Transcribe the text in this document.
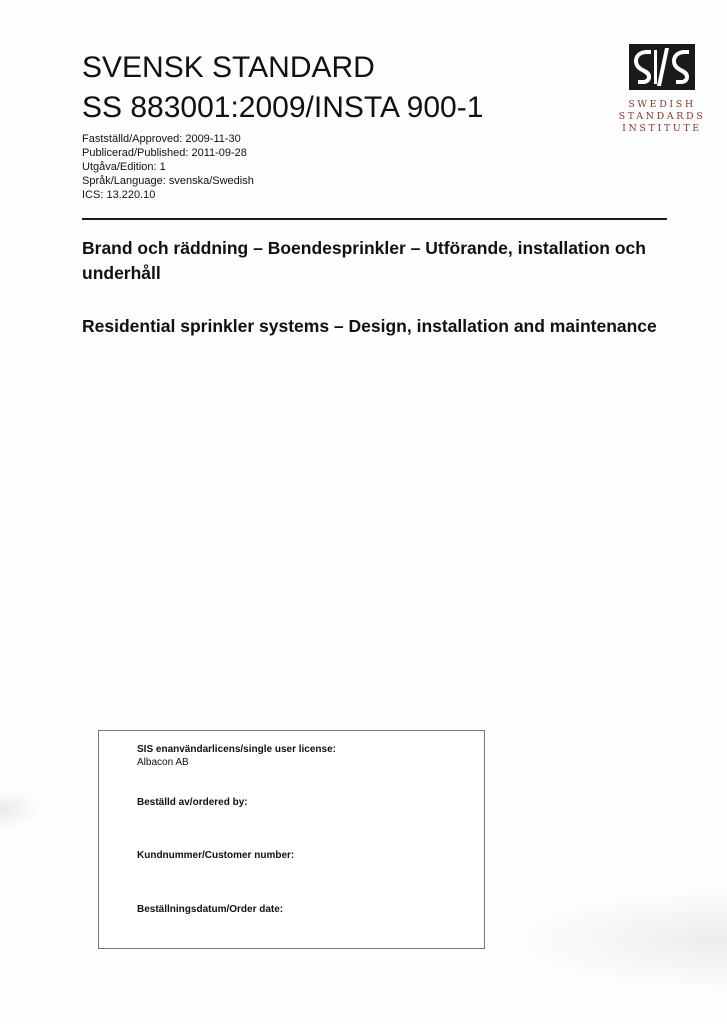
SVENSK STANDARD
SS 883001:2009/INSTA 900-1
Fastställd/Approved: 2009-11-30
Publicerad/Published: 2011-09-28
Utgåva/Edition: 1
Språk/Language: svenska/Swedish
ICS: 13.220.10
SWEDISH
STANDARDS
INSTITUTE
Brand och räddning – Boendesprinkler – Utförande, installation och underhåll
Residential sprinkler systems – Design, installation and maintenance
SIS enanvändarlicens/single user license:
Albacon AB
Beställd av/ordered by:
Kundnummer/Customer number:
Beställningsdatum/Order date:
